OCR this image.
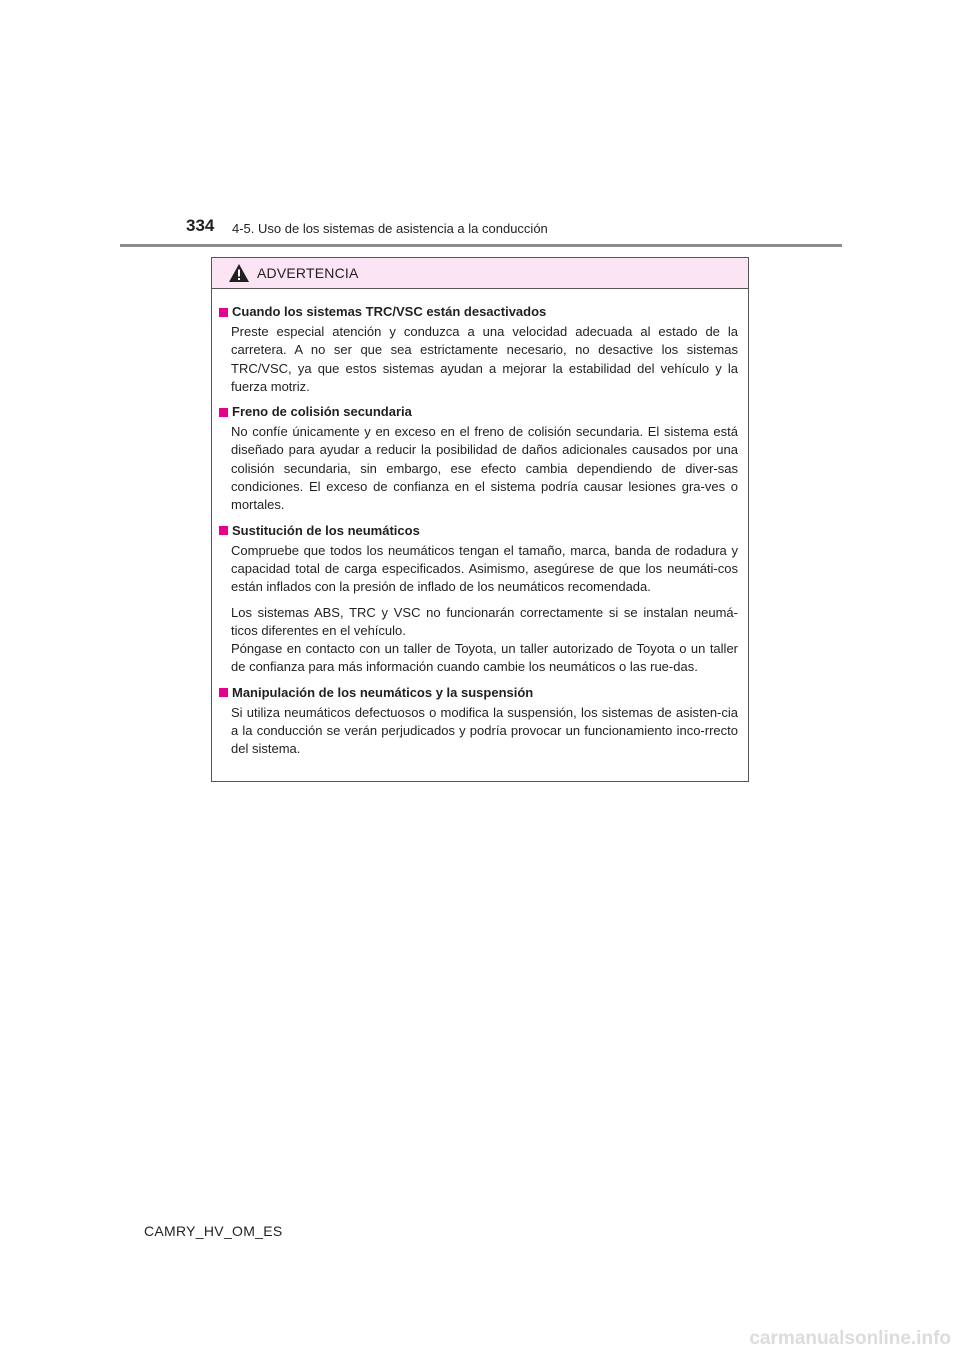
334 4-5. Uso de los sistemas de asistencia a la conducción
ADVERTENCIA
Cuando los sistemas TRC/VSC están desactivados

Preste especial atención y conduzca a una velocidad adecuada al estado de la carretera. A no ser que sea estrictamente necesario, no desactive los sistemas TRC/VSC, ya que estos sistemas ayudan a mejorar la estabilidad del vehículo y la fuerza motriz.

Freno de colisión secundaria

No confíe únicamente y en exceso en el freno de colisión secundaria. El sistema está diseñado para ayudar a reducir la posibilidad de daños adicionales causados por una colisión secundaria, sin embargo, ese efecto cambia dependiendo de diver-sas condiciones. El exceso de confianza en el sistema podría causar lesiones gra-ves o mortales.

Sustitución de los neumáticos

Compruebe que todos los neumáticos tengan el tamaño, marca, banda de rodadura y capacidad total de carga especificados. Asimismo, asegúrese de que los neumáti-cos están inflados con la presión de inflado de los neumáticos recomendada.

Los sistemas ABS, TRC y VSC no funcionarán correctamente si se instalan neumá-ticos diferentes en el vehículo.

Póngase en contacto con un taller de Toyota, un taller autorizado de Toyota o un taller de confianza para más información cuando cambie los neumáticos o las rue-das.

Manipulación de los neumáticos y la suspensión

Si utiliza neumáticos defectuosos o modifica la suspensión, los sistemas de asisten-cia a la conducción se verán perjudicados y podría provocar un funcionamiento inco-rrecto del sistema.

CAMRY_HV_OM_ES
carmanualsonline.info
